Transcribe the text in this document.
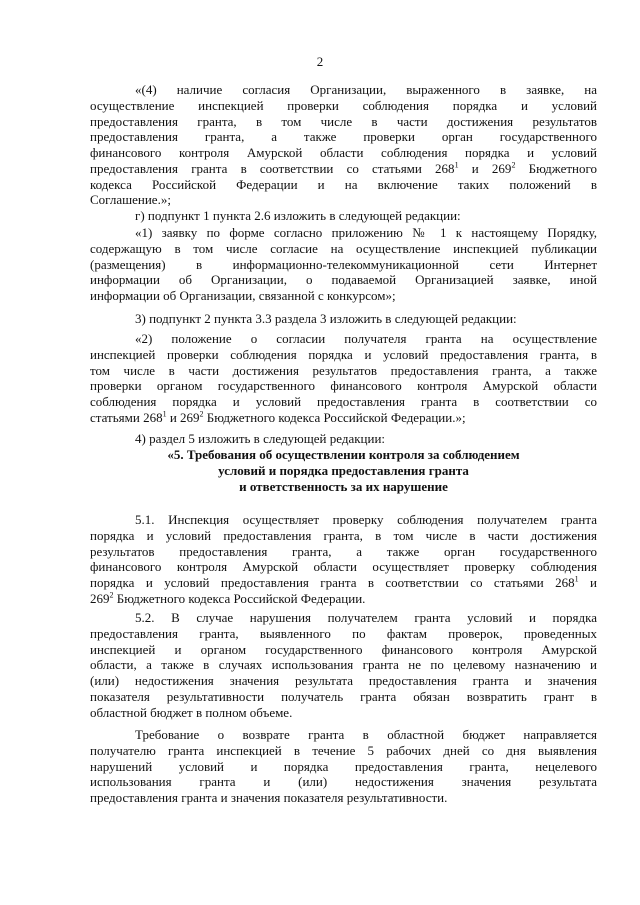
2
«(4) наличие согласия Организации, выраженного в заявке, на
осуществление инспекцией проверки соблюдения порядка и условий
предоставления гранта, в том числе в части достижения результатов
предоставления гранта, а также проверки орган государственного
финансового контроля Амурской области соблюдения порядка и условий
предоставления гранта в соответствии со статьями $268^1$ и $269^2$ Бюджетного
кодекса Российской Федерации и на включение таких положений в
Соглашение.»;
г) подпункт 1 пункта 2.6 изложить в следующей редакции:
«1) заявку по форме согласно приложению № 1 к настоящему Порядку,
содержащую в том числе согласие на осуществление инспекцией публикации
(размещения) в информационно-телекоммуникационной сети Интернет
информации об Организации, о подаваемой Организацией заявке, иной
информации об Организации, связанной с конкурсом»;
3) подпункт 2 пункта 3.3 раздела 3 изложить в следующей редакции:
«2) положение о согласии получателя гранта на осуществление
инспекцией проверки соблюдения порядка и условий предоставления гранта, в
том числе в части достижения результатов предоставления гранта, а также
проверки органом государственного финансового контроля Амурской области
соблюдения порядка и условий предоставления гранта в соответствии со
статьями $268^1$ и $269^2$ Бюджетного кодекса Российской Федерации.»;
4) раздел 5 изложить в следующей редакции:
«5. Требования об осуществлении контроля за соблюдением
условий и порядка предоставления гранта
и ответственность за их нарушение
5.1. Инспекция осуществляет проверку соблюдения получателем гранта
порядка и условий предоставления гранта, в том числе в части достижения
результатов предоставления гранта, а также орган государственного
финансового контроля Амурской области осуществляет проверку соблюдения
порядка и условий предоставления гранта в соответствии со статьями $268^1$ и
$269^2$ Бюджетного кодекса Российской Федерации.
5.2. В случае нарушения получателем гранта условий и порядка
предоставления гранта, выявленного по фактам проверок, проведенных
инспекцией и органом государственного финансового контроля Амурской
области, а также в случаях использования гранта не по целевому назначению и
(или) недостижения значения результата предоставления гранта и значения
показателя результативности получатель гранта обязан возвратить грант в
областной бюджет в полном объеме.
Требование о возврате гранта в областной бюджет направляется
получателю гранта инспекцией в течение 5 рабочих дней со дня выявления
нарушений условий и порядка предоставления гранта, нецелевого
использования гранта и (или) недостижения значения результата
предоставления гранта и значения показателя результативности.
